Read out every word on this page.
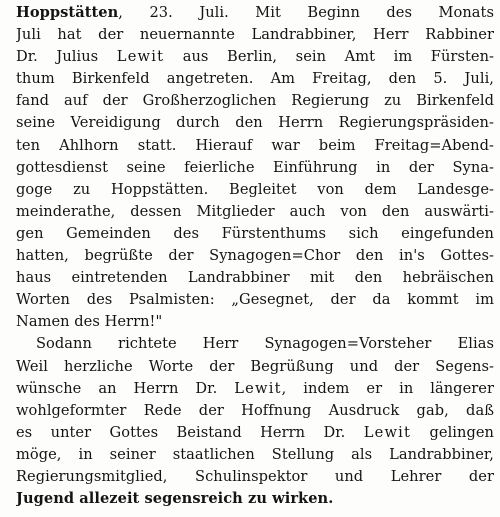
Hoppstätten, 23. Juli. Mit Beginn des Monats
Juli hat der neuernannte Landrabbiner, Herr Rabbiner
Dr. Julius Lewit aus Berlin, sein Amt im Fürsten-
thum Birkenfeld angetreten. Am Freitag, den 5. Juli,
fand auf der Großherzoglichen Regierung zu Birkenfeld
seine Vereidigung durch den Herrn Regierungspräsiden-
ten Ahlhorn statt. Hierauf war beim Freitag=Abend-
gottesdienst seine feierliche Einführung in der Syna-
goge zu Hoppstätten. Begleitet von dem Landesge-
meinderathe, dessen Mitglieder auch von den auswärti-
gen Gemeinden des Fürstenthums sich eingefunden
hatten, begrüßte der Synagogen=Chor den in's Gottes-
haus eintretenden Landrabbiner mit den hebräischen
Worten des Psalmisten: „Gesegnet, der da kommt im
Namen des Herrn!"
Sodann richtete Herr Synagogen=Vorsteher Elias
Weil herzliche Worte der Begrüßung und der Segens-
wünsche an Herrn Dr. Lewit, indem er in längerer
wohlgeformter Rede der Hoffnung Ausdruck gab, daß
es unter Gottes Beistand Herrn Dr. Lewit gelingen
möge, in seiner staatlichen Stellung als Landrabbiner,
Regierungsmitglied, Schulinspektor und Lehrer der
Jugend allezeit segensreich zu wirken.
